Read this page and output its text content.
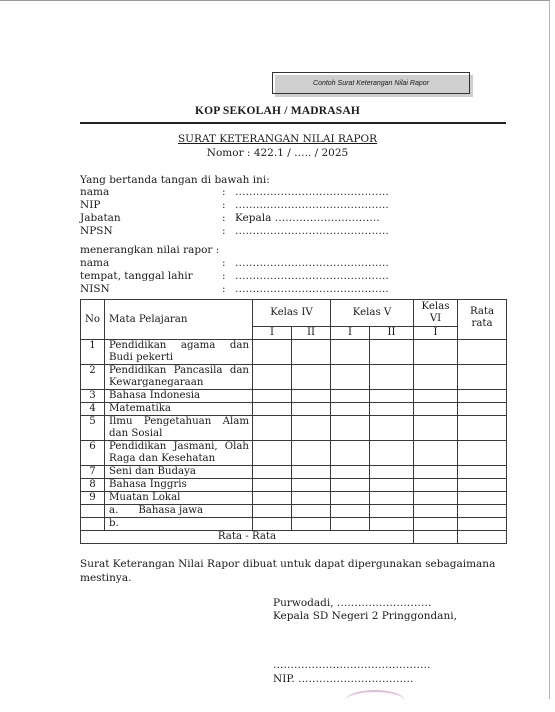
Contoh Surat Keterangan Nilai Rapor
KOP SEKOLAH / MADRASAH
SURAT KETERANGAN NILAI RAPOR
Nomor : 422.1 / ….. / 2025
Yang bertanda tangan di bawah ini:
nama	: ……………………………………..
NIP	: ……………………………………..
Jabatan	: Kepala …………………………
NPSN	: ……………………………………..
menerangkan nilai rapor :
nama	: ……………………………………..
tempat, tanggal lahir	: ……………………………………..
NISN	: ……………………………………..
No	Mata Pelajaran	Kelas IV		Kelas V		Kelas VI	Rata rata
		I	II	I	II	I	
1	Pendidikan agama dan Budi pekerti						
2	Pendidikan Pancasila dan Kewarganegaraan						
3	Bahasa Indonesia						
4	Matematika						
5	Ilmu Pengetahuan Alam dan Sosial						
6	Pendidikan Jasmani, Olah Raga dan Kesehatan						
7	Seni dan Budaya						
8	Bahasa Inggris						
9	Muatan Lokal						
	a. Bahasa jawa						
	b.						
Rata - Rata							
Surat Keterangan Nilai Rapor dibuat untuk dapat dipergunakan sebagaimana mestinya.
Purwodadi, ………………………
Kepala SD Negeri 2 Pringgondani,
………………………………………
NIP. ……………………………
